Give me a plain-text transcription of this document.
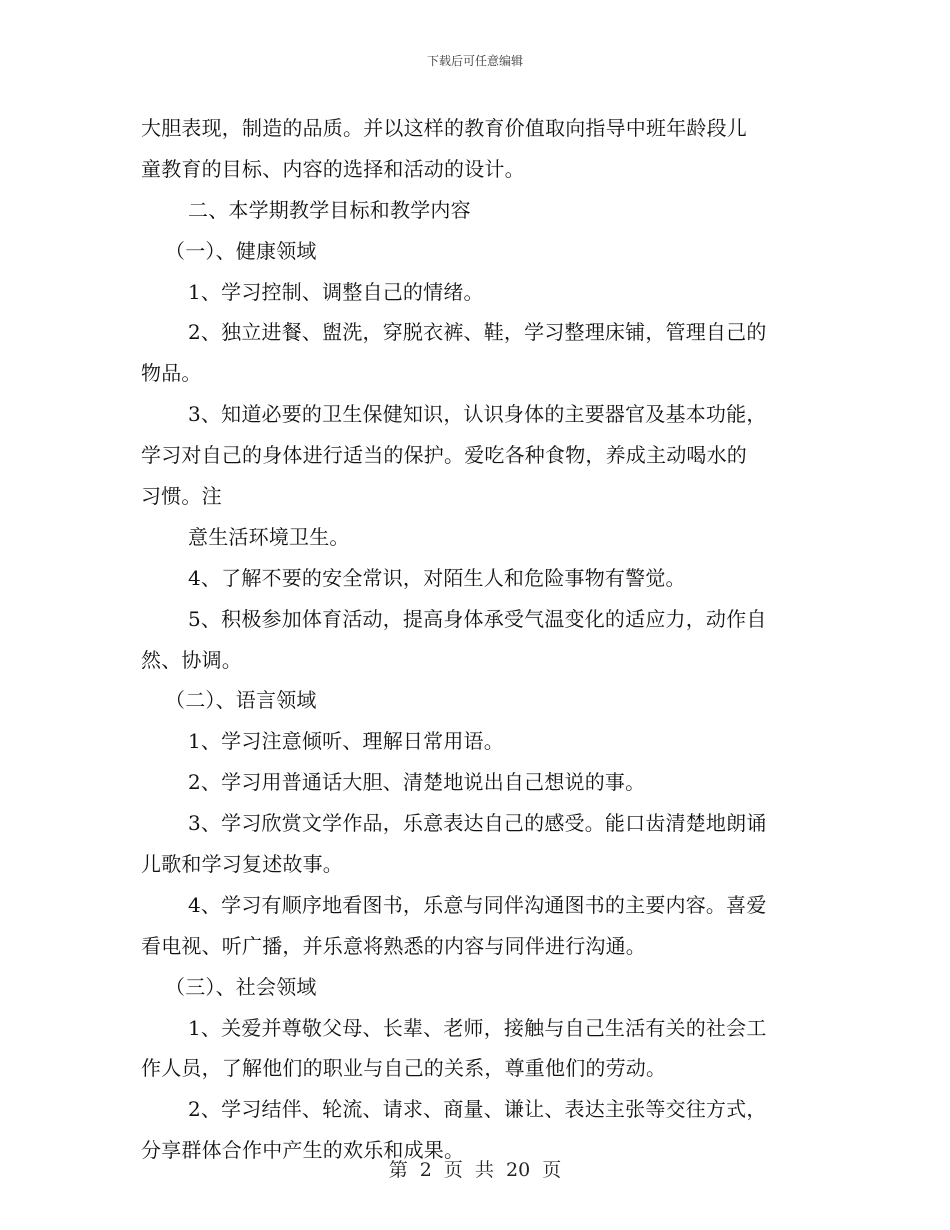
下载后可任意编辑
大胆表现，制造的品质。并以这样的教育价值取向指导中班年龄段儿
童教育的目标、内容的选择和活动的设计。
二、本学期教学目标和教学内容
（一）、健康领域
1、学习控制、调整自己的情绪。
2、独立进餐、盥洗，穿脱衣裤、鞋，学习整理床铺，管理自己的
物品。
3、知道必要的卫生保健知识，认识身体的主要器官及基本功能，
学习对自己的身体进行适当的保护。爱吃各种食物，养成主动喝水的
习惯。注
意生活环境卫生。
4、了解不要的安全常识，对陌生人和危险事物有警觉。
5、积极参加体育活动，提高身体承受气温变化的适应力，动作自
然、协调。
（二）、语言领域
1、学习注意倾听、理解日常用语。
2、学习用普通话大胆、清楚地说出自己想说的事。
3、学习欣赏文学作品，乐意表达自己的感受。能口齿清楚地朗诵
儿歌和学习复述故事。
4、学习有顺序地看图书，乐意与同伴沟通图书的主要内容。喜爱
看电视、听广播，并乐意将熟悉的内容与同伴进行沟通。
（三）、社会领域
1、关爱并尊敬父母、长辈、老师，接触与自己生活有关的社会工
作人员，了解他们的职业与自己的关系，尊重他们的劳动。
2、学习结伴、轮流、请求、商量、谦让、表达主张等交往方式，
分享群体合作中产生的欢乐和成果。
第 2 页 共 20 页
